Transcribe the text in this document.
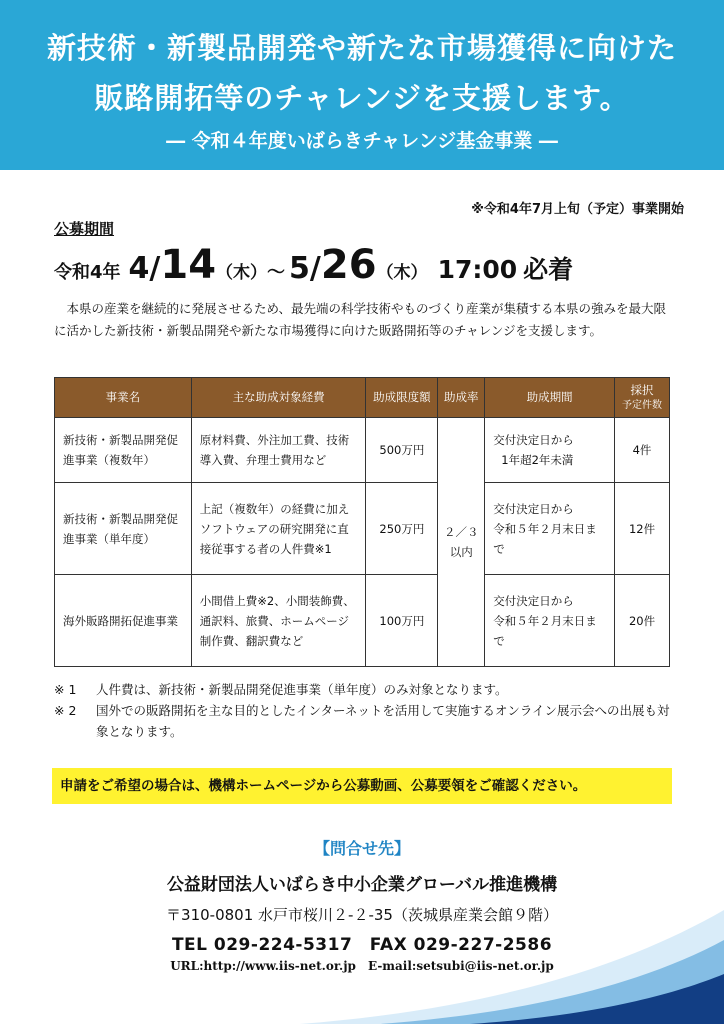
新技術・新製品開発や新たな市場獲得に向けた
販路開拓等のチャレンジを支援します。
― 令和４年度いばらきチャレンジ基金事業 ―
※令和4年7月上旬（予定）事業開始
公募期間
令和4年 4/ 14 （木） ～ 5/ 26 （木） 17:00 必着

本県の産業を継続的に発展させるため、最先端の科学技術やものづくり産業が集積する本県の強みを最大限に活かした新技術・新製品開発や新たな市場獲得に向けた販路開拓等のチャレンジを支援します。

事業名	主な助成対象経費	助成限度額	助成率	助成期間	採択
予定件数

新技術・新製品開発促進事業（複数年）	原材料費、外注加工費、技術導入費、弁理士費用など	500万円	２／３以内	交付決定日から
1年超2年未満	4件
新技術・新製品開発促進事業（単年度）	上記（複数年）の経費に加えソフトウェアの研究開発に直接従事する者の人件費※1	250万円		交付決定日から
令和５年２月末日まで	12件
海外販路開拓促進事業	小間借上費※2、小間装飾費、通訳料、旅費、ホームページ制作費、翻訳費など	100万円		交付決定日から
令和５年２月末日まで	20件
※ 1	人件費は、新技術・新製品開発促進事業（単年度）のみ対象となります。
※ 2	国外での販路開拓を主な目的としたインターネットを活用して実施するオンライン展示会への出展も対象となります。
申請をご希望の場合は、機構ホームページから公募動画、公募要領をご確認ください。
【問合せ先】
公益財団法人いばらき中小企業グローバル推進機構
〒310-0801 水戸市桜川２-２-35（茨城県産業会館９階）
TEL 029-224-5317　FAX 029-227-2586
URL:http://www.iis-net.or.jp　E-mail:setsubi@iis-net.or.jp
